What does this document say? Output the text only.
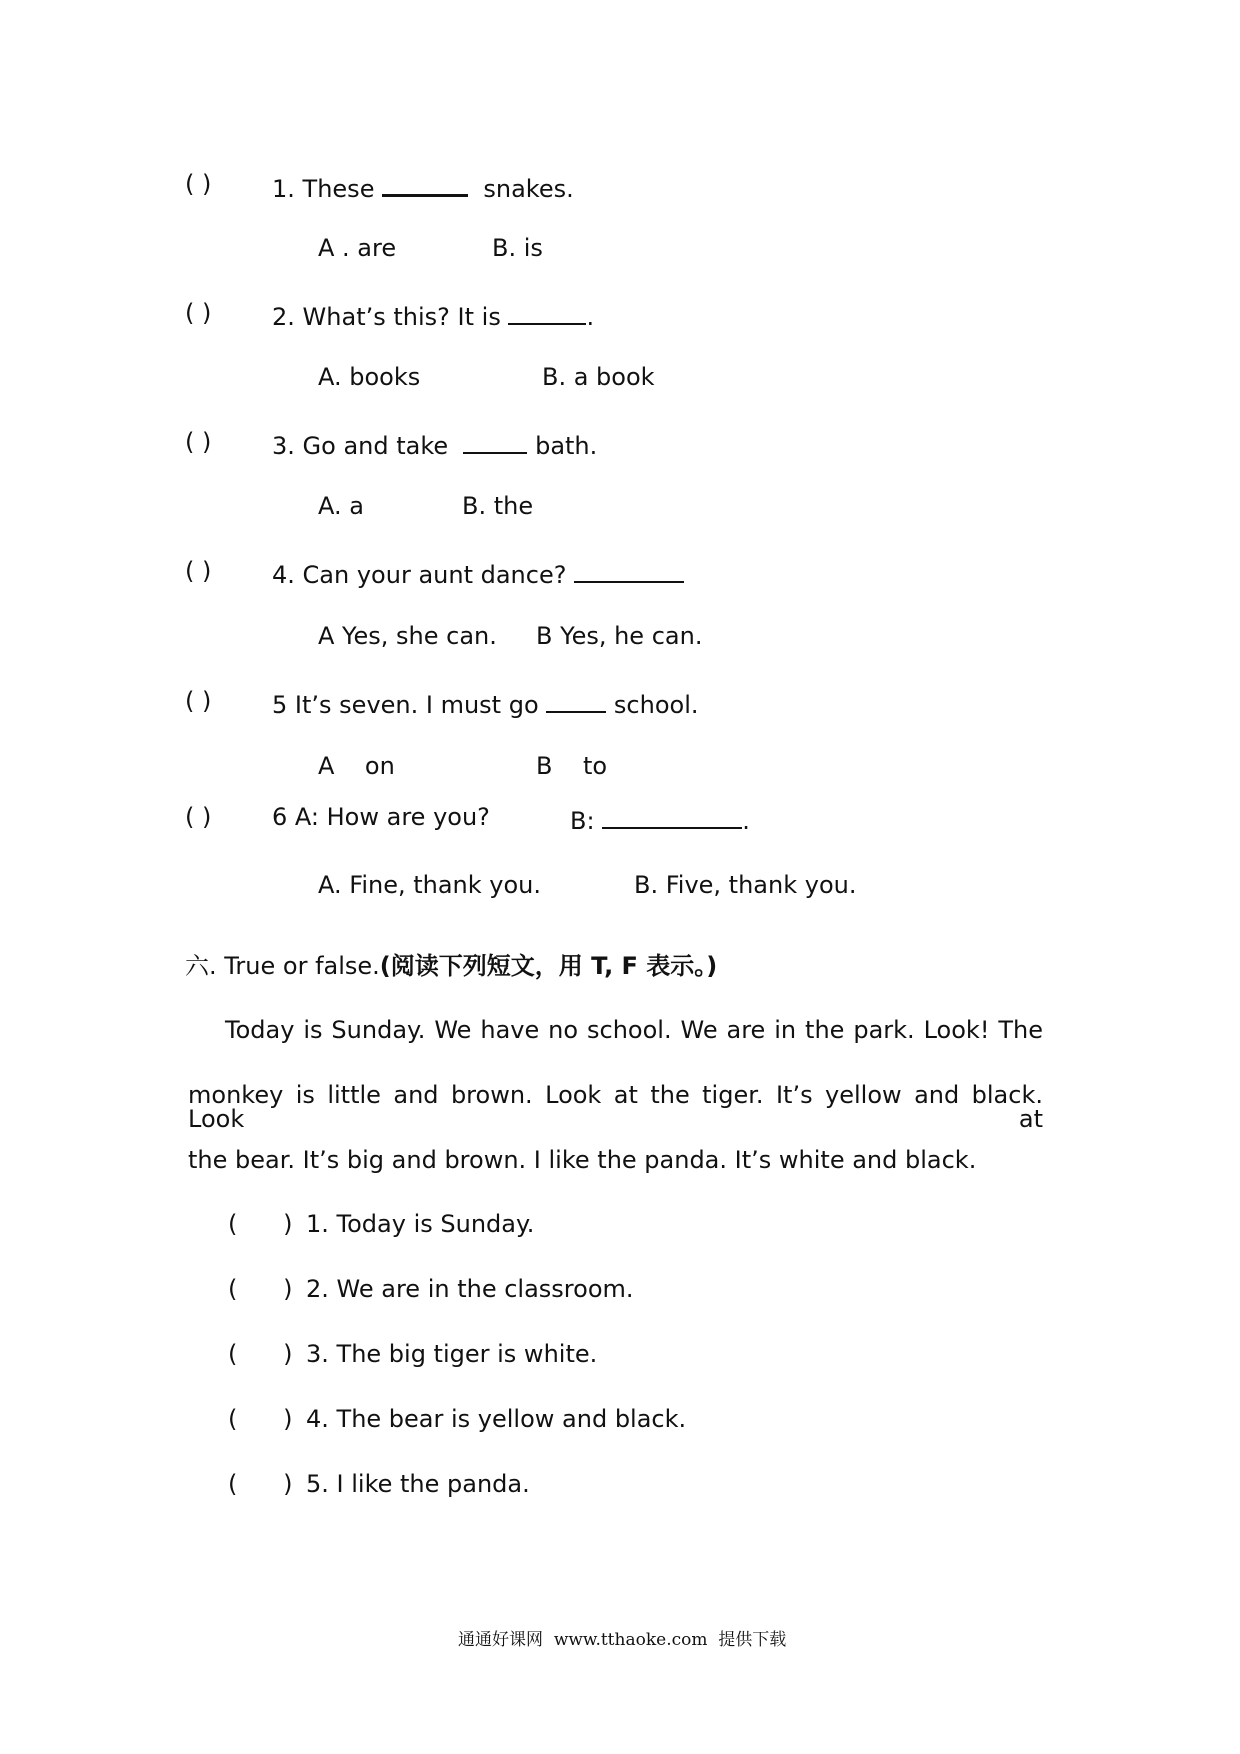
( )	1. These	snakes.
A . are	B. is
( )	2. What’s this? It is	.
A. books	B. a book
( )	3. Go and take	bath.
A. a	B. the
( )	4. Can your aunt dance?
A Yes, she can. B Yes, he can.
( )	5 It’s seven. I must go	school.
A    on	B    to
( )	6 A: How are you?	B:	.
A. Fine, thank you.	B. Five, thank you.
六. True or false.(阅读下列短文，用 T, F 表示。)
Today is Sunday. We have no school. We are in the park. Look! The
monkey is little and brown. Look at the tiger. It’s yellow and black. Look at
the bear. It’s big and brown. I like the panda. It’s white and black.
(      ) 1. Today is Sunday.
(      ) 2. We are in the classroom.
(      ) 3. The big tiger is white.
(      ) 4. The bear is yellow and black.
(      ) 5. I like the panda.
通通好课网 www.tthaoke.com 提供下载
